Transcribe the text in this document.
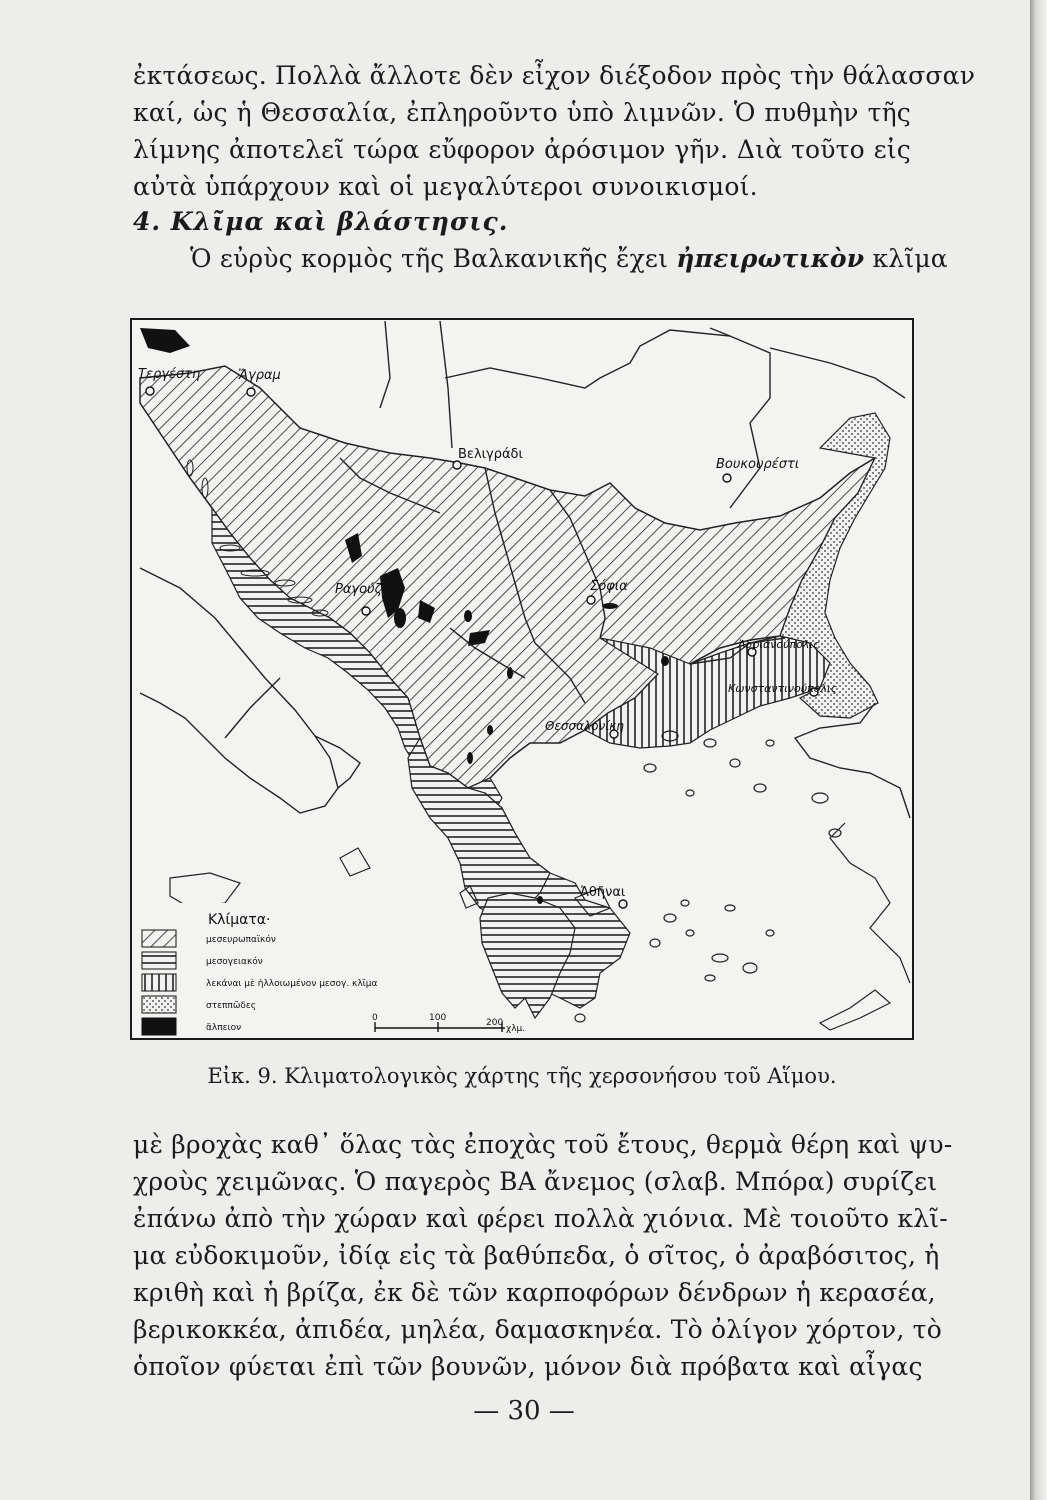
ἐκτάσεως. Πολλὰ ἄλλοτε δὲν εἶχον διέξοδον πρὸς τὴν θάλασσαν
καί, ὡς ἡ Θεσσαλία, ἐπληροῦντο ὑπὸ λιμνῶν. Ὁ πυθμὴν τῆς
λίμνης ἀποτελεῖ τώρα εὔφορον ἀρόσιμον γῆν. Διὰ τοῦτο εἰς
αὐτὰ ὑπάρχουν καὶ οἱ μεγαλύτεροι συνοικισμοί.
4. Κλῖμα καὶ βλάστησις.
Ὁ εὐρὺς κορμὸς τῆς Βαλκανικῆς ἔχει ἠπειρωτικὸν κλῖμα
Τεργέστη	Ἄγραμ
Βελιγράδι
Βουκουρέστι
Ραγούζα	Σόφια
Ἀδριανούπολις
Κωνσταντινούπολις
Θεσσαλονίκη
Ἀθῆναι
Κλίματα·
μεσευρωπαϊκόν
μεσογειακόν
λεκάναι μὲ ἠλλοιωμένον μεσογ. κλῖμα
στεππῶδες
ἄλπειον
0	100	200
χλμ.
Εἰκ. 9. Κλιματολογικὸς χάρτης τῆς χερσονήσου τοῦ Αἵμου.
μὲ βροχὰς καθ᾽ ὅλας τὰς ἐποχὰς τοῦ ἔτους, θερμὰ θέρη καὶ ψυ-
χροὺς χειμῶνας. Ὁ παγερὸς ΒΑ ἄνεμος (σλαβ. Μπόρα) συρίζει
ἐπάνω ἀπὸ τὴν χώραν καὶ φέρει πολλὰ χιόνια. Μὲ τοιοῦτο κλῖ-
μα εὐδοκιμοῦν, ἰδίᾳ εἰς τὰ βαθύπεδα, ὁ σῖτος, ὁ ἀραβόσιτος, ἡ
κριθὴ καὶ ἡ βρίζα, ἐκ δὲ τῶν καρποφόρων δένδρων ἡ κερασέα,
βερικοκκέα, ἀπιδέα, μηλέα, δαμασκηνέα. Τὸ ὀλίγον χόρτον, τὸ
ὁποῖον φύεται ἐπὶ τῶν βουνῶν, μόνον διὰ πρόβατα καὶ αἶγας
— 30 —
